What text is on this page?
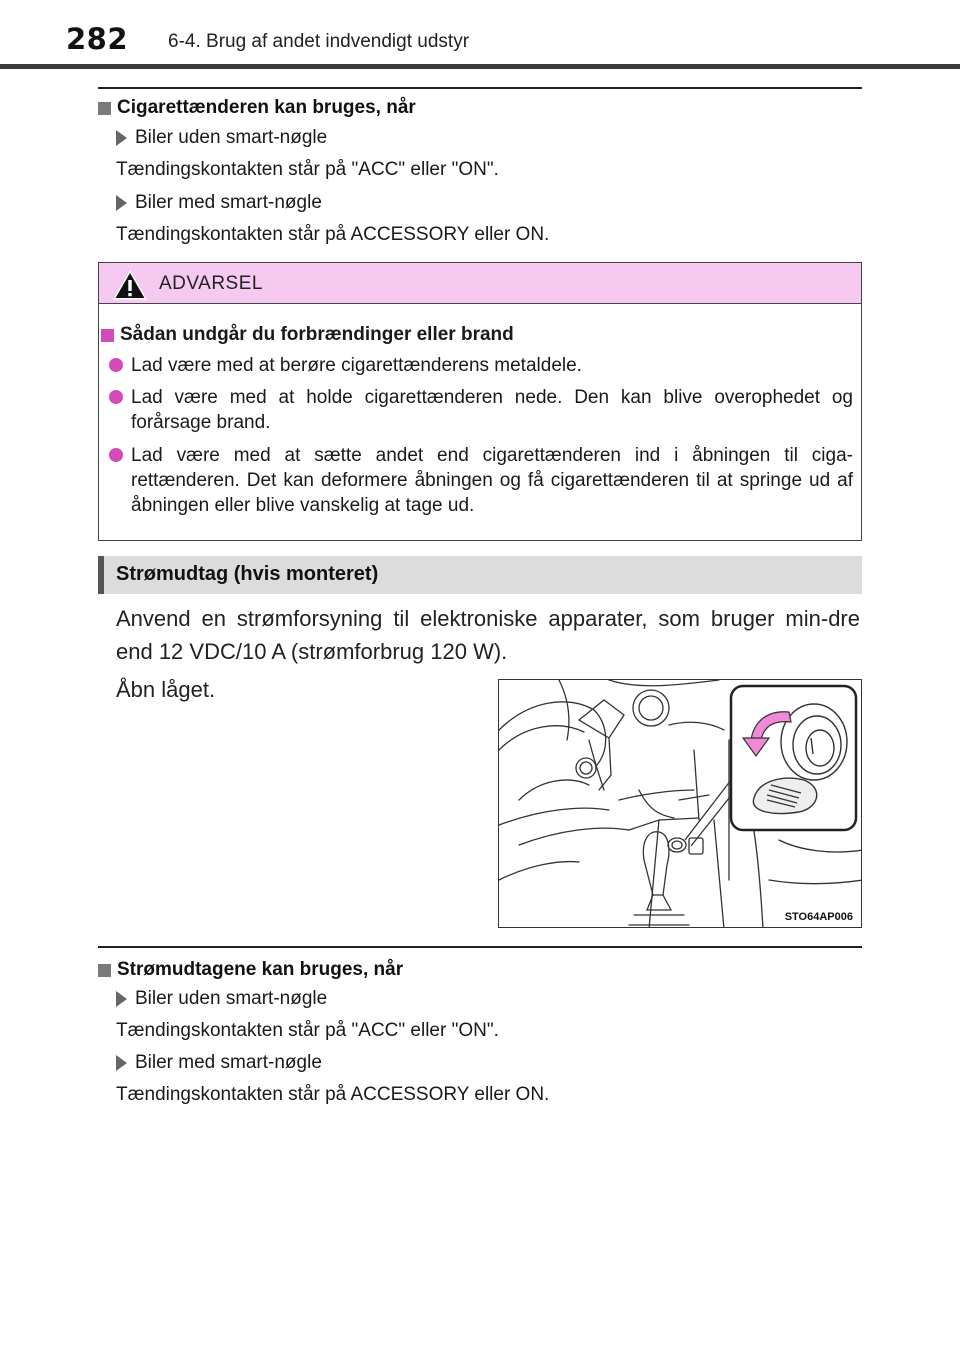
282 6-4. Brug af andet indvendigt udstyr
Cigarettænderen kan bruges, når
Biler uden smart-nøgle
Tændingskontakten står på "ACC" eller "ON".
Biler med smart-nøgle
Tændingskontakten står på ACCESSORY eller ON.
ADVARSEL
Sådan undgår du forbrændinger eller brand
Lad være med at berøre cigarettænderens metaldele.
Lad være med at holde cigarettænderen nede. Den kan blive overophedet og forårsage brand.
Lad være med at sætte andet end cigarettænderen ind i åbningen til ciga-rettænderen. Det kan deformere åbningen og få cigarettænderen til at springe ud af åbningen eller blive vanskelig at tage ud.
Strømudtag (hvis monteret)
Anvend en strømforsyning til elektroniske apparater, som bruger min-dre end 12 VDC/10 A (strømforbrug 120 W).
Åbn låget.
STO64AP006
Strømudtagene kan bruges, når
Biler uden smart-nøgle
Tændingskontakten står på "ACC" eller "ON".
Biler med smart-nøgle
Tændingskontakten står på ACCESSORY eller ON.
